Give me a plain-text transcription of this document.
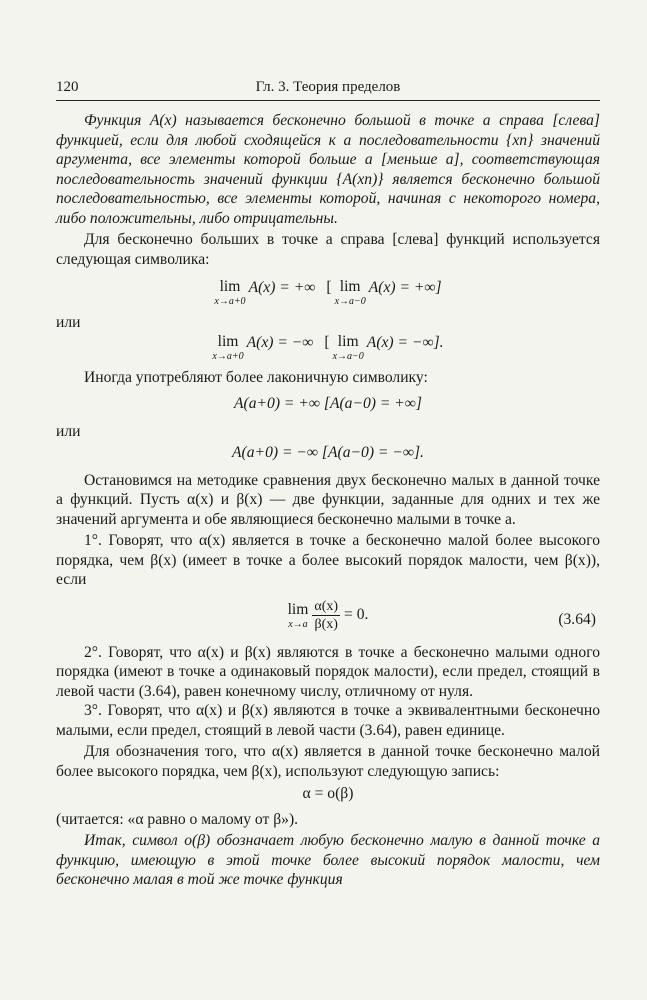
120	Гл. 3. Теория пределов

Функция A(x) называется бесконечно большой в точке a справа [слева] функцией, если для любой сходящейся к a последовательности {xn} значений аргумента, все элементы которой больше a [меньше a], соответствующая последовательность значений функции {A(xn)} является бесконечно большой последовательностью, все элементы которой, начиная с некоторого номера, либо положительны, либо отрицательны.

Для бесконечно больших в точке a справа [слева] функций используется следующая символика:

lim
x→a+0
A(x) = +∞ [ lim
x→a−0
A(x) = +∞]

или

lim
x→a+0
A(x) = −∞ [ lim
x→a−0
A(x) = −∞].

Иногда употребляют более лаконичную символику:

A(a+0) = +∞ [A(a−0) = +∞]

или

A(a+0) = −∞ [A(a−0) = −∞].

Остановимся на методике сравнения двух бесконечно малых в данной точке a функций. Пусть α(x) и β(x) — две функции, заданные для одних и тех же значений аргумента и обе являющиеся бесконечно малыми в точке a.

1°. Говорят, что α(x) является в точке a бесконечно малой более высокого порядка, чем β(x) (имеет в точке a более высокий порядок малости, чем β(x)), если

lim
$x\to a \frac{\alpha(x)}{\beta(x)} = 0$.	(3.64)

2°. Говорят, что α(x) и β(x) являются в точке a бесконечно малыми одного порядка (имеют в точке a одинаковый порядок малости), если предел, стоящий в левой части (3.64), равен конечному числу, отличному от нуля.

3°. Говорят, что α(x) и β(x) являются в точке a эквивалентными бесконечно малыми, если предел, стоящий в левой части (3.64), равен единице.

Для обозначения того, что α(x) является в данной точке бесконечно малой более высокого порядка, чем β(x), используют следующую запись:

α = o(β)

(читается: «α равно o малому от β»).

Итак, символ o(β) обозначает любую бесконечно малую в данной точке a функцию, имеющую в этой точке более высокий порядок малости, чем бесконечно малая в той же точке функция
